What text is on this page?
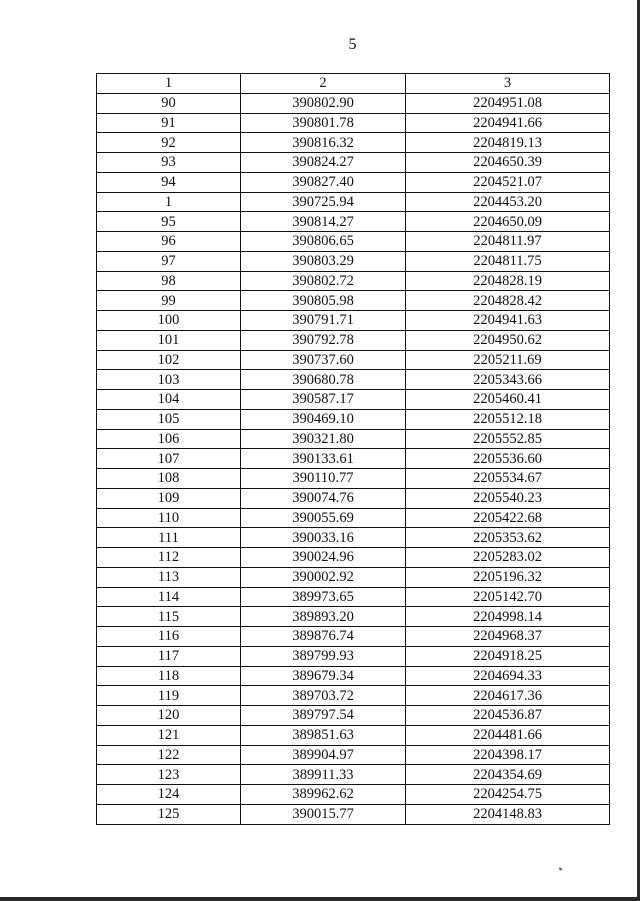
5
1	2	3
90	390802.90	2204951.08
91	390801.78	2204941.66
92	390816.32	2204819.13
93	390824.27	2204650.39
94	390827.40	2204521.07
1	390725.94	2204453.20
95	390814.27	2204650.09
96	390806.65	2204811.97
97	390803.29	2204811.75
98	390802.72	2204828.19
99	390805.98	2204828.42
100	390791.71	2204941.63
101	390792.78	2204950.62
102	390737.60	2205211.69
103	390680.78	2205343.66
104	390587.17	2205460.41
105	390469.10	2205512.18
106	390321.80	2205552.85
107	390133.61	2205536.60
108	390110.77	2205534.67
109	390074.76	2205540.23
110	390055.69	2205422.68
111	390033.16	2205353.62
112	390024.96	2205283.02
113	390002.92	2205196.32
114	389973.65	2205142.70
115	389893.20	2204998.14
116	389876.74	2204968.37
117	389799.93	2204918.25
118	389679.34	2204694.33
119	389703.72	2204617.36
120	389797.54	2204536.87
121	389851.63	2204481.66
122	389904.97	2204398.17
123	389911.33	2204354.69
124	389962.62	2204254.75
125	390015.77	2204148.83
